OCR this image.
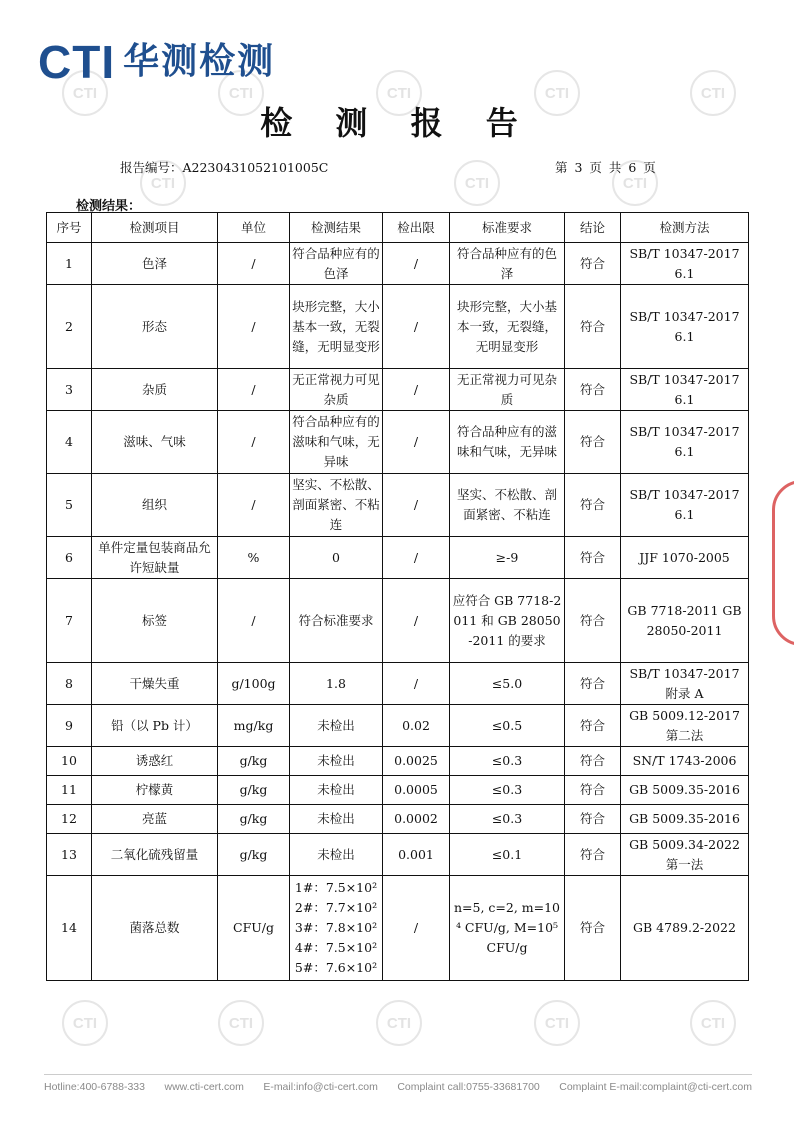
CTI	CTI	CTI	CTI	CTI
CTI	CTI	CTI
CTI	CTI	CTI	CTI	CTI
CTI 华测检测
检 测 报 告
报告编号：A2230431052101005C	第 3 页 共 6 页
检测结果：
序号	检测项目	单位	检测结果	检出限	标准要求	结论	检测方法
1	色泽	/	符合品种应有的色泽	/	符合品种应有的色泽	符合	SB/T 10347-2017 6.1
2	形态	/	块形完整，大小基本一致，无裂缝，无明显变形	/	块形完整，大小基本一致，无裂缝，无明显变形	符合	SB/T 10347-2017 6.1
3	杂质	/	无正常视力可见杂质	/	无正常视力可见杂质	符合	SB/T 10347-2017 6.1
4	滋味、气味	/	符合品种应有的滋味和气味，无异味	/	符合品种应有的滋味和气味，无异味	符合	SB/T 10347-2017 6.1
5	组织	/	坚实、不松散、剖面紧密、不粘连	/	坚实、不松散、剖面紧密、不粘连	符合	SB/T 10347-2017 6.1
6	单件定量包装商品允许短缺量	%	0	/	≥-9	符合	JJF 1070-2005
7	标签	/	符合标准要求	/	应符合 GB 7718-2011 和 GB 28050-2011 的要求	符合	GB 7718-2011 GB 28050-2011
8	干燥失重	g/100g	1.8	/	≤5.0	符合	SB/T 10347-2017 附录 A
9	铅（以 Pb 计）	mg/kg	未检出	0.02	≤0.5	符合	GB 5009.12-2017 第二法
10	诱惑红	g/kg	未检出	0.0025	≤0.3	符合	SN/T 1743-2006
11	柠檬黄	g/kg	未检出	0.0005	≤0.3	符合	GB 5009.35-2016
12	亮蓝	g/kg	未检出	0.0002	≤0.3	符合	GB 5009.35-2016
13	二氧化硫残留量	g/kg	未检出	0.001	≤0.1	符合	GB 5009.34-2022 第一法
14	菌落总数	CFU/g	1#：7.5×10² 2#：7.7×10² 3#：7.8×10² 4#：7.5×10² 5#：7.6×10²	/	n=5, c=2, m=10⁴ CFU/g, M=10⁵ CFU/g	符合	GB 4789.2-2022
Hotline:400-6788-333 www.cti-cert.com E-mail:info@cti-cert.com Complaint call:0755-33681700 Complaint E-mail:complaint@cti-cert.com
